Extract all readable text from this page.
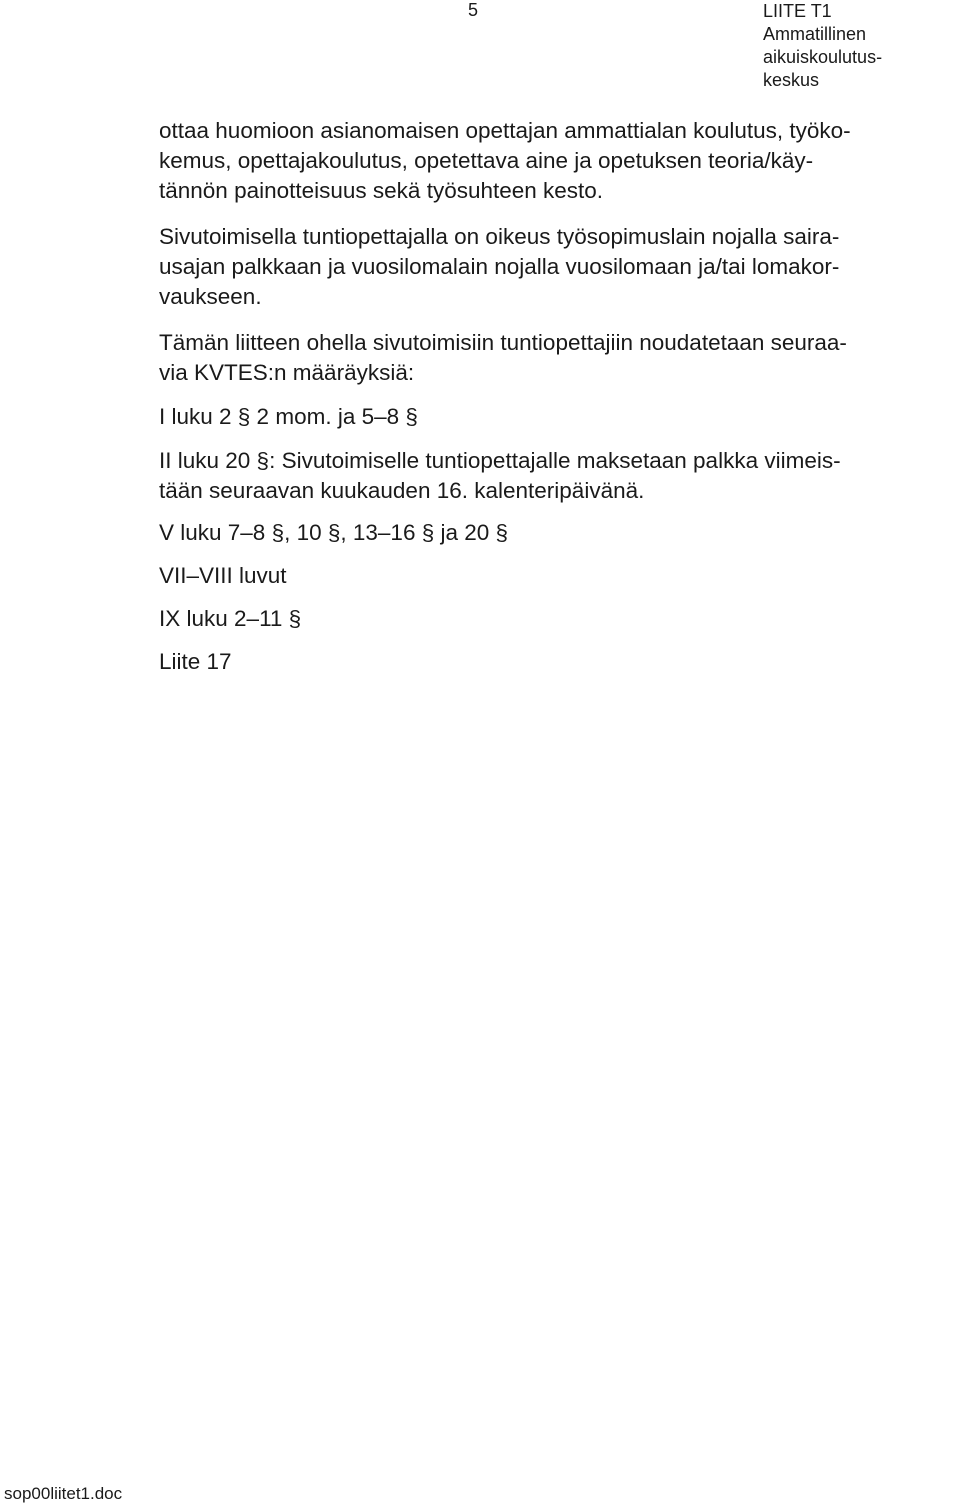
5	LIITE T1
Ammatillinen
aikuiskoulutus-
keskus

ottaa huomioon asianomaisen opettajan ammattialan koulutus, työko-
kemus, opettajakoulutus, opetettava aine ja opetuksen teoria/käy-
tännön painotteisuus sekä työsuhteen kesto.

Sivutoimisella tuntiopettajalla on oikeus työsopimuslain nojalla saira-
usajan palkkaan ja vuosilomalain nojalla vuosilomaan ja/tai lomakor-
vaukseen.

Tämän liitteen ohella sivutoimisiin tuntiopettajiin noudatetaan seuraa-
via KVTES:n määräyksiä:

I luku 2 § 2 mom. ja 5–8 §

II luku 20 §: Sivutoimiselle tuntiopettajalle maksetaan palkka viimeis-
tään seuraavan kuukauden 16. kalenteripäivänä.

V luku 7–8 §, 10 §, 13–16 § ja 20 §

VII–VIII luvut

IX luku 2–11 §

Liite 17

sop00liitet1.doc
